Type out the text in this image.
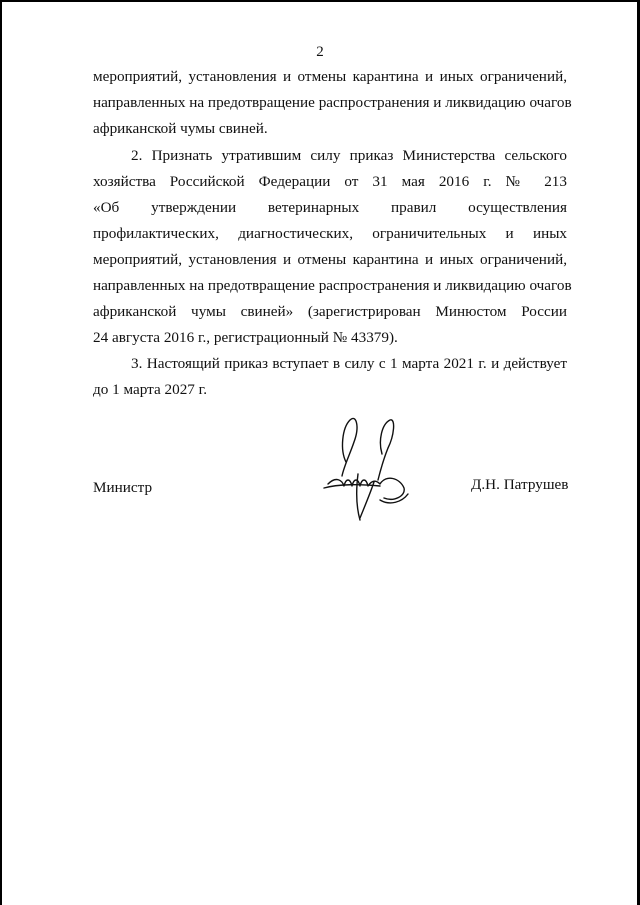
2
мероприятий, установления и отмены карантина и иных ограничений,
направленных на предотвращение распространения и ликвидацию очагов
африканской чумы свиней.
2. Признать утратившим силу приказ Министерства сельского
хозяйства Российской Федерации от 31 мая 2016 г. № 213
«Об утверждении ветеринарных правил осуществления
профилактических, диагностических, ограничительных и иных
мероприятий, установления и отмены карантина и иных ограничений,
направленных на предотвращение распространения и ликвидацию очагов
африканской чумы свиней» (зарегистрирован Минюстом России
24 августа 2016 г., регистрационный № 43379).
3. Настоящий приказ вступает в силу с 1 марта 2021 г. и действует
до 1 марта 2027 г.
Министр	Д.Н. Патрушев
